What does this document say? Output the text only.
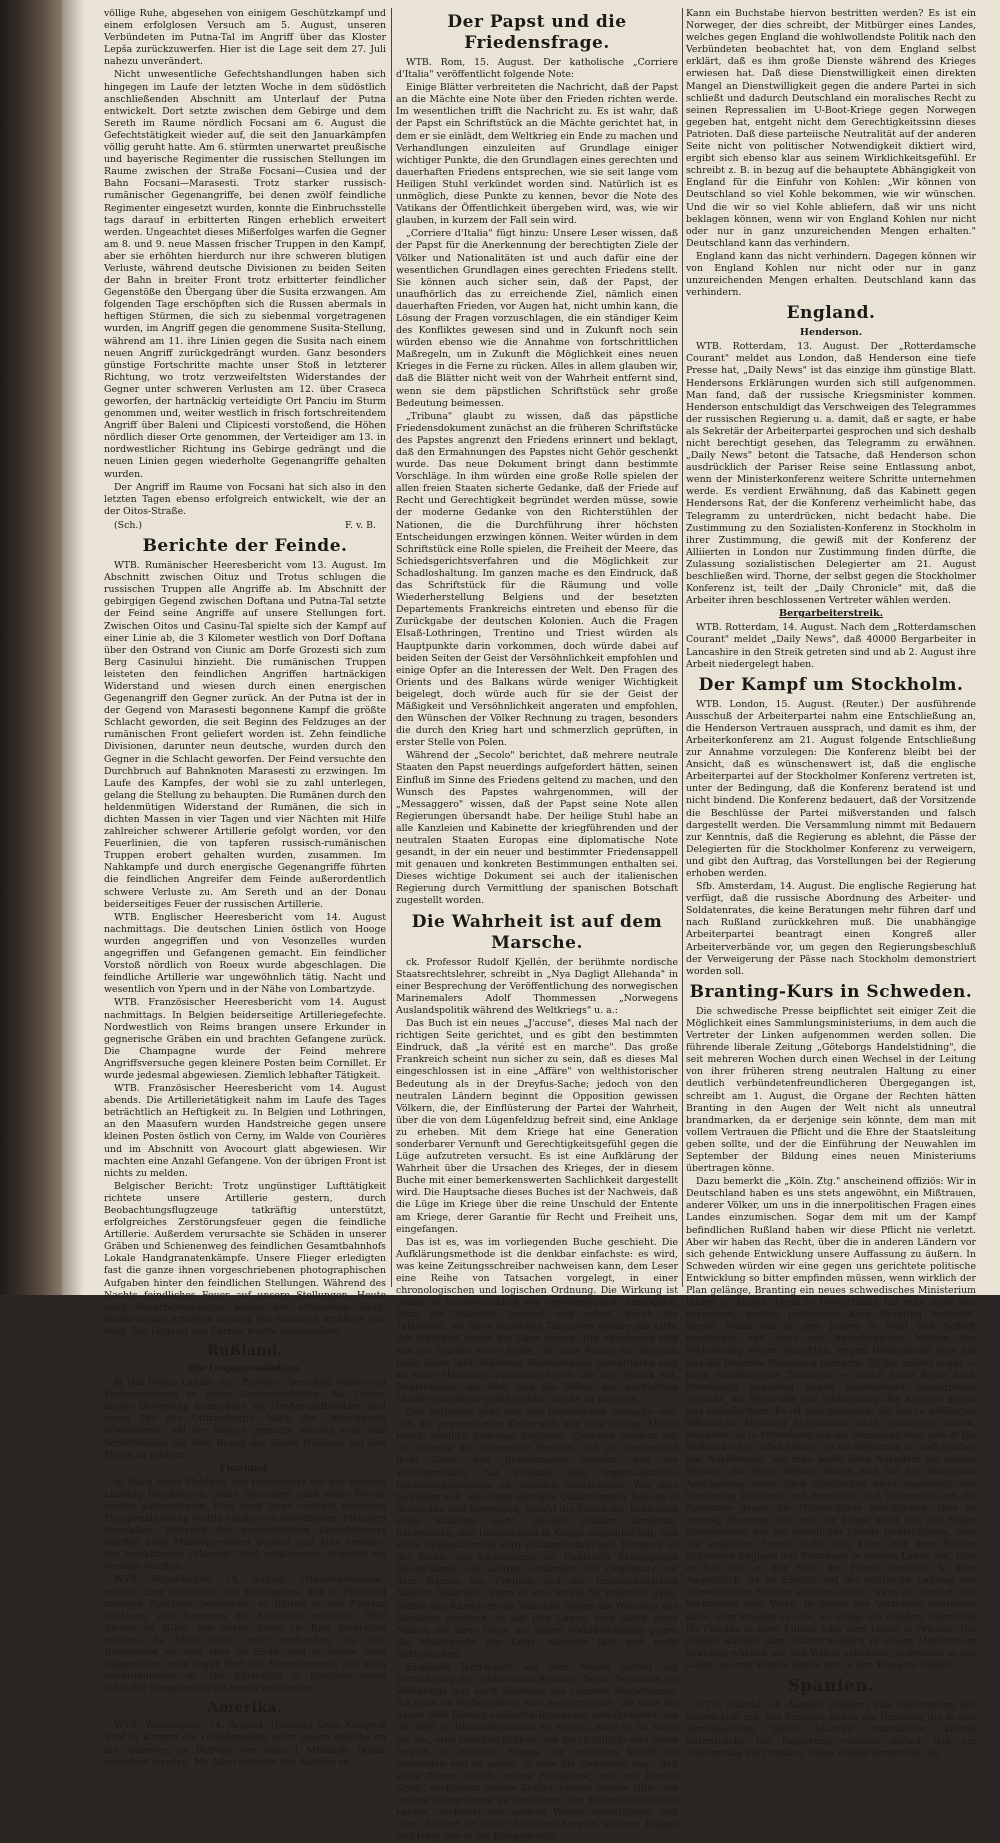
völlige Ruhe, abgesehen von einigem Geschützkampf und einem erfolglosen Versuch am 5. August, unseren Verbündeten im Putna-Tal im Angriff über das Kloster Lepša zurückzuwerfen. Hier ist die Lage seit dem 27. Juli nahezu unverändert.

Nicht unwesentliche Gefechtshandlungen haben sich hingegen im Laufe der letzten Woche in dem südöstlich anschließenden Abschnitt am Unterlauf der Putna entwickelt. Dort setzte zwischen dem Gebirge und dem Sereth im Raume nördlich Focsani am 6. August die Gefechtstätigkeit wieder auf, die seit den Januarkämpfen völlig geruht hatte. Am 6. stürmten unerwartet preußische und bayerische Regimenter die russischen Stellungen im Raume zwischen der Straße Focsani—Cusiea und der Bahn Focsani—Marasesti. Trotz starker russisch-rumänischer Gegenangriffe, bei denen zwölf feindliche Regimenter eingesetzt wurden, konnte die Einbruchsstelle tags darauf in erbitterten Ringen erheblich erweitert werden. Ungeachtet dieses Mißerfolges warfen die Gegner am 8. und 9. neue Massen frischer Truppen in den Kampf, aber sie erhöhten hierdurch nur ihre schweren blutigen Verluste, während deutsche Divisionen zu beiden Seiten der Bahn in breiter Front trotz erbitterter feindlicher Gegenstöße den Übergang über die Susita erzwangen. Am folgenden Tage erschöpften sich die Russen abermals in heftigen Stürmen, die sich zu siebenmal vorgetragenen wurden, im Angriff gegen die genommene Susita-Stellung, während am 11. ihre Linien gegen die Susita nach einem neuen Angriff zurückgedrängt wurden. Ganz besonders günstige Fortschritte machte unser Stoß in letzterer Richtung, wo trotz verzweifeltsten Widerstandes der Gegner unter schweren Verlusten am 12. über Craseca geworfen, der hartnäckig verteidigte Ort Panciu im Sturm genommen und, weiter westlich in frisch fortschreitendem Angriff über Baleni und Clipicesti vorstoßend, die Höhen nördlich dieser Orte genommen, der Verteidiger am 13. in nordwestlicher Richtung ins Gebirge gedrängt und die neuen Linien gegen wiederholte Gegenangriffe gehalten wurden.

Der Angriff im Raume von Focsani hat sich also in den letzten Tagen ebenso erfolgreich entwickelt, wie der an der Oitos-Straße.

(Sch.)	F. v. B.
Berichte der Feinde.

WTB. Rumänischer Heeresbericht vom 13. August. Im Abschnitt zwischen Oituz und Trotus schlugen die russischen Truppen alle Angriffe ab. Im Abschnitt der gebirgigen Gegend zwischen Doftana und Putna-Tal setzte der Feind seine Angriffe auf unsere Stellungen fort. Zwischen Oitos und Casinu-Tal spielte sich der Kampf auf einer Linie ab, die 3 Kilometer westlich von Dorf Doftana über den Ostrand von Ciunic am Dorfe Grozesti sich zum Berg Casinului hinzieht. Die rumänischen Truppen leisteten den feindlichen Angriffen hartnäckigen Widerstand und wiesen durch einen energischen Gegenangriff den Gegner zurück. An der Putna ist der in der Gegend von Marasesti begonnene Kampf die größte Schlacht geworden, die seit Beginn des Feldzuges an der rumänischen Front geliefert worden ist. Zehn feindliche Divisionen, darunter neun deutsche, wurden durch den Gegner in die Schlacht geworfen. Der Feind versuchte den Durchbruch auf Bahnknoten Marasesti zu erzwingen. Im Laufe des Kampfes, der wohl sie zu zahl unterlegen, gelang die Stellung zu behaupten. Die Rumänen durch den heldenmütigen Widerstand der Rumänen, die sich in dichten Massen in vier Tagen und vier Nächten mit Hilfe zahlreicher schwerer Artillerie gefolgt worden, vor den Feuerlinien, die von tapferen russisch-rumänischen Truppen erobert gehalten wurden, zusammen. Im Nahkampfe und durch energische Gegenangriffe führten die feindlichen Angreifer dem Feinde außerordentlich schwere Verluste zu. Am Sereth und an der Donau beiderseitiges Feuer der russischen Artillerie.

WTB. Englischer Heeresbericht vom 14. August nachmittags. Die deutschen Linien östlich von Hooge wurden angegriffen und von Vesonzelles wurden angegriffen und Gefangenen gemacht. Ein feindlicher Vorstoß nördlich von Roeux wurde abgeschlagen. Die feindliche Artillerie war ungewöhnlich tätig. Nacht und wesentlich von Ypern und in der Nähe von Lombartzyde.

WTB. Französischer Heeresbericht vom 14. August nachmittags. In Belgien beiderseitige Artilleriegefechte. Nordwestlich von Reims brangen unsere Erkunder in gegnerische Gräben ein und brachten Gefangene zurück. Die Champagne wurde der Feind mehrere Angriffsversuche gegen kleinere Posten beim Cornillet. Er wurde jedesmal abgewiesen. Ziemlich lebhafter Tätigkeit.

WTB. Französischer Heeresbericht vom 14. August abends. Die Artillerietätigkeit nahm im Laufe des Tages beträchtlich an Heftigkeit zu. In Belgien und Lothringen, an den Maasufern wurden Handstreiche gegen unsere kleinen Posten östlich von Cerny, im Walde von Courières und im Abschnitt von Avocourt glatt abgewiesen. Wir machten eine Anzahl Gefangene. Von der übrigen Front ist nichts zu melden.

Belgischer Bericht: Trotz ungünstiger Lufttätigkeit richtete unsere Artillerie gestern, durch Beobachtungsflugzeuge tatkräftig unterstützt, erfolgreiches Zerstörungsfeuer gegen die feindliche Artillerie. Außerdem verursachte sie Schäden in unserer Gräben und Schienenweg des feindlichen Gesamtbahnhofs Lokale Handgranatenkämpfe. Unsere Flieger erledigten fast die ganze ihnen vorgeschriebenen photographischen Aufgaben hinter den feindlichen Stellungen. Während des Nachts feindliches Feuer auf unsere Stellungen. Heute nach Feuerbewegungen wegen der schlechten Sicht. Beiderseitige Artillerie niedrig. Die deutsche Artillerie war tätig. Die Gegend von Furnes wurde bombardiert.

Rußland.
Die Gegenrevolution.

§§ Das Organ Lenins, die „Prawda", berichtet weiter von Vorbereitungen zu einer Gegenrevolution. Als Träger dieser Bewegung bezeichnet sie Großgrundbesitzer und einen Teil des Offizierkorps. Nach der „Birschewija Wjedomosti" soll der Verlust gemacht worden sein, daß Schriftstücke mit dem Bezug des Zaren Nikolaus auf den Thron zu fordern.

Finnland.

w. Nach einer Meldung aus Helsingfors hat der finische Landtag beschlossen, seine Sitzungen nach einer Woche wieder aufzunehmen. Eine nach Torsa verlegte russische Truppenabteilung wurde nachts von bewaffneten Männern überfallen. Während des zweistündigen Gewehrfeuers wurden zwei Militärpersonen getötet und eine verletzt. Die bewaffneten „Männer" sind entkommen, obgleich sie verfolgt wurden.

WTB. Kopenhagen, 14. August. „Nationaltidende" meldet über Stockholm aus Helsingfors, daß in Finnland traurige Zustände herrschen; so hätten in der Provinz Uleåborg 200 Personen die Erlaubnis erhalten, 7000 Bäume zu fällen, aus deren Rinde sie Brot herstellen wollten, da Mehl nicht mehr vorhanden sei. Das Rindenbrot sei nun aber zu Ende, und in einem Teile Lappmarken man sogar Brot aus Renntiermoos, das noch unverdaulicher ist. Die Kartoffeln in Finnland seien schlecht; Brotgetreide sei wenig vorhanden.

Amerika.

WTB. Washington, 14. August. (Reuter.) Dem Kongreß wird in kurzem die Genehmigung einer neuen Anleihe an die Alliierten im Betrage von über 1 Milliarde Dollar vorgelegt werden. Mc Adoo stimmte der Anleihe zu.

Der Papst und die Friedensfrage.

WTB. Rom, 15. August. Der katholische „Corriere d'Italia" veröffentlicht folgende Note:

Einige Blätter verbreiteten die Nachricht, daß der Papst an die Mächte eine Note über den Frieden richten werde. Im wesentlichen trifft die Nachricht zu. Es ist wahr, daß der Papst ein Schriftstück an die Mächte gerichtet hat, in dem er sie einlädt, dem Weltkrieg ein Ende zu machen und Verhandlungen einzuleiten auf Grundlage einiger wichtiger Punkte, die den Grundlagen eines gerechten und dauerhaften Friedens entsprechen, wie sie seit lange vom Heiligen Stuhl verkündet worden sind. Natürlich ist es unmöglich, diese Punkte zu kennen, bevor die Note des Vatikans der Öffentlichkeit übergeben wird, was, wie wir glauben, in kurzem der Fall sein wird.

„Corriere d'Italia" fügt hinzu: Unsere Leser wissen, daß der Papst für die Anerkennung der berechtigten Ziele der Völker und Nationalitäten ist und auch dafür eine der wesentlichen Grundlagen eines gerechten Friedens stellt. Sie können auch sicher sein, daß der Papst, der unaufhörlich das zu erreichende Ziel, nämlich einen dauerhaften Frieden, vor Augen hat, nicht umhin kann, die Lösung der Fragen vorzuschlagen, die ein ständiger Keim des Konfliktes gewesen sind und in Zukunft noch sein würden ebenso wie die Annahme von fortschrittlichen Maßregeln, um in Zukunft die Möglichkeit eines neuen Krieges in die Ferne zu rücken. Alles in allem glauben wir, daß die Blätter nicht weit von der Wahrheit entfernt sind, wenn sie dem päpstlichen Schriftstück sehr große Bedeutung beimessen.

„Tribuna" glaubt zu wissen, daß das päpstliche Friedensdokument zunächst an die früheren Schriftstücke des Papstes angrenzt den Friedens erinnert und beklagt, daß den Ermahnungen des Papstes nicht Gehör geschenkt wurde. Das neue Dokument bringt dann bestimmte Vorschläge. In ihm würden eine große Rolle spielen der allen freien Staaten sicherte Gedanke, daß der Friede auf Recht und Gerechtigkeit begründet werden müsse, sowie der moderne Gedanke von den Richterstühlen der Nationen, die die Durchführung ihrer höchsten Entscheidungen erzwingen können. Weiter würden in dem Schriftstück eine Rolle spielen, die Freiheit der Meere, das Schiedsgerichtsverfahren und die Möglichkeit zur Schadloshaltung. Im ganzen mache es den Eindruck, daß das Schriftstück für die Räumung und volle Wiederherstellung Belgiens und der besetzten Departements Frankreichs eintreten und ebenso für die Zurückgabe der deutschen Kolonien. Auch die Fragen Elsaß-Lothringen, Trentino und Triest würden als Hauptpunkte darin vorkommen, doch würde dabei auf beiden Seiten der Geist der Versöhnlichkeit empfohlen und einige Opfer an die Interessen der Welt. Den Fragen des Orients und des Balkans würde weniger Wichtigkeit beigelegt, doch würde auch für sie der Geist der Mäßigkeit und Versöhnlichkeit angeraten und empfohlen, den Wünschen der Völker Rechnung zu tragen, besonders die durch den Krieg hart und schmerzlich geprüften, in erster Stelle von Polen.

Während der „Secolo" berichtet, daß mehrere neutrale Staaten den Papst neuerdings aufgefordert hätten, seinen Einfluß im Sinne des Friedens geltend zu machen, und den Wunsch des Papstes wahrgenommen, will der „Messaggero" wissen, daß der Papst seine Note allen Regierungen übersandt habe. Der heilige Stuhl habe an alle Kanzleien und Kabinette der kriegführenden und der neutralen Staaten Europas eine diplomatische Note gesandt, in der ein neuer und bestimmter Friedensappell mit genauen und konkreten Bestimmungen enthalten sei. Dieses wichtige Dokument sei auch der italienischen Regierung durch Vermittlung der spanischen Botschaft zugestellt worden.

Die Wahrheit ist auf dem Marsche.

ck. Professor Rudolf Kjellén, der berühmte nordische Staatsrechtslehrer, schreibt in „Nya Dagligt Allehanda" in einer Besprechung der Veröffentlichung des norwegischen Marinemalers Adolf Thommessen „Norwegens Auslandspolitik während des Weltkriegs" u. a.:

Das Buch ist ein neues „J'accuse", dieses Mal nach der richtigen Seite gerichtet, und es gibt den bestimmten Eindruck, daß „la vérité est en marche". Das große Frankreich scheint nun sicher zu sein, daß es dieses Mal eingeschlossen ist in eine „Affäre" von welthistorischer Bedeutung als in der Dreyfus-Sache; jedoch von den neutralen Ländern beginnt die Opposition gewissen Völkern, die, der Einflüsterung der Partei der Wahrheit, über die von dem Lügenfeldzug befreit sind, eine Anklage zu erheben. Mit dem Kriege hat eine Generation sonderbarer Vernunft und Gerechtigkeitsgefühl gegen die Lüge aufzutreten versucht. Es ist eine Aufklärung der Wahrheit über die Ursachen des Krieges, der in diesem Buche mit einer bemerkenswerten Sachlichkeit dargestellt wird. Die Hauptsache dieses Buches ist der Nachweis, daß die Lüge im Kriege über die reine Unschuld der Entente am Kriege, derer Garantie für Recht und Freiheit uns, eingefangen.

Das ist es, was im vorliegenden Buche geschieht. Die Aufklärungsmethode ist die denkbar einfachste: es wird, was keine Zeitungsschreiber nachweisen kann, dem Leser eine Reihe von Tatsachen vorgelegt, in einer chronologischen und logischen Ordnung. Die Wirkung ist genau so unausweichlich wie unwiderleglich: unmöglich, denn die Wahrheit beweist sich selbst, durch die Tatsachen, wo diese einfachen Tatsachen wieder das Licht der Wahrheit gegen die Lüge zeigen. Die offenbaren sich von als Glieder einer Kette, die eine Fessel ist, die sich nicht lösen läßt. Während Deutschlands Gewalttaten sich zu einer Handlung zusammenfügen, die den Zweck hat, Deutschland, die Welt und die Völker der nordischen Länder aus dieser gefährlichen Gefahr zu befreien.

Der Verfasser geht von der historischen Tatsache aus, daß die gegenwärtige Kulturwelt nur eine einzige Macht kennt, nämlich diejenige Englands. Daneben insofern hat die Entente die historische Position, daß ihr Gesamtbild ihrer Groß- und Ruhmstaaten besteht, daß die Weltherrschaft, hat England eine imperialistische Eroberungsgelüsten ist, nämlich Deutschland. Wer dies beweisen will, soll einen einzigen Quadratmeter Bodens in Schweden und Norwegen, beruht die Politik der Isolierung eines Staatens nicht, dessen Staaten dargetan, nachweisen, den Deutschland in Kriege angeführt hat, und seine Beweisführung wird zusammenbrechen. Dennoch ist die Politik der Einkreisung für England's Kriegsgegen Deutschland, ein wahres Gefährdet, ein Gegensatz mit dem Namen der Freiheit und der imperialistischen Absicht. Wahrheit, wenn es eine Strafe für Wahrheit gäbe, müßte den Kämpfern die Wahrheit Gegen als Wahrheit des Glaubens gegeben, es auf ihre Lügen, zum Glück einer Nation, die ihrer Natur mit einem Wahrheitsdrang gegen die Mißbräuche der Lüge, dasselbe läßt sich nicht mißbrauchen.

Englands Herrschaft auf dem Meere beruht auf Vernichtung des einfachsten Rechtes. Seine Seemacht im Weltkriege war auch diejenige des reinsten Despotismus. Ich gebe im Vorbeigehen: eine Seeherrschaft, die über die ganze Welt hinweg englische Interessen gewährleistet, um die Welt in Blockadezustand zu setzen. Aber es ist mehr als das, eine Geschicklichkeit, um durch Willkür und einen Angriff die neutrale Flagge der neutralen Schiffe zu erzwingen und zu gehen, in dem die Gedanken hegt, daß seine Waren, behält unsere Passagiere, und, wie Konsul Gredt, verhindert unsere Zufuhr, fordert unsere Hilfe, um unsere Telegramme zu zensieren, um Rohmaterialien zu kaufen, verbietet uns andere Waren auszuführen, und dann hindert er selbst Schutzmaßregeln unserer Flagge und trägt uns in die Kriegsgefahr.

Kann ein Buchstabe hiervon bestritten werden? Es ist ein Norweger, der dies schreibt, der Mitbürger eines Landes, welches gegen England die wohlwollendste Politik nach den Verbündeten beobachtet hat, von dem England selbst erklärt, daß es ihm große Dienste während des Krieges erwiesen hat. Daß diese Dienstwilligkeit einen direkten Mangel an Dienstwilligkeit gegen die andere Partei in sich schließt und dadurch Deutschland ein moralisches Recht zu seinen Repressalien im U-Boot-Kriege gegen Norwegen gegeben hat, entgeht nicht dem Gerechtigkeitssinn dieses Patrioten. Daß diese parteiische Neutralität auf der anderen Seite nicht von politischer Notwendigkeit diktiert wird, ergibt sich ebenso klar aus seinem Wirklichkeitsgefühl. Er schreibt z. B. in bezug auf die behauptete Abhängigkeit von England für die Einfuhr von Kohlen: „Wir können von Deutschland so viel Kohle bekommen, wie wir wünschen. Und die wir so viel Kohle abliefern, daß wir uns nicht beklagen können, wenn wir von England Kohlen nur nicht oder nur in ganz unzureichenden Mengen erhalten." Deutschland kann das verhindern.

England kann das nicht verhindern. Dagegen können wir von England Kohlen nur nicht oder nur in ganz unzureichenden Mengen erhalten. Deutschland kann das verhindern.

England.
Henderson.

WTB. Rotterdam, 13. August. Der „Rotterdamsche Courant" meldet aus London, daß Henderson eine tiefe Presse hat, „Daily News" ist das einzige ihm günstige Blatt. Hendersons Erklärungen wurden sich still aufgenommen. Man fand, daß der russische Kriegsminister kommen. Henderson entschuldigt das Verschweigen des Telegrammes der russischen Regierung u. a. damit, daß er sagte, er habe als Sekretär der Arbeiterpartei gesprochen und sich deshalb nicht berechtigt gesehen, das Telegramm zu erwähnen. „Daily News" betont die Tatsache, daß Henderson schon ausdrücklich der Pariser Reise seine Entlassung anbot, wenn der Ministerkonferenz weitere Schritte unternehmen werde. Es verdient Erwähnung, daß das Kabinett gegen Hendersons Rat, der die Konferenz verheimlicht habe, das Telegramm zu unterdrücken, nicht bedacht habe. Die Zustimmung zu den Sozialisten-Konferenz in Stockholm in ihrer Zustimmung, die gewiß mit der Konferenz der Alliierten in London nur Zustimmung finden dürfte, die Zulassung sozialistischen Delegierter am 21. August beschließen wird. Thorne, der selbst gegen die Stockholmer Konferenz ist, teilt der „Daily Chronicle" mit, daß die Arbeiter ihren beschlossenen Vertreter wählen werden.

Bergarbeiterstreik.

WTB. Rotterdam, 14. August. Nach dem „Rotterdamschen Courant" meldet „Daily News", daß 40000 Bergarbeiter in Lancashire in den Streik getreten sind und ab 2. August ihre Arbeit niedergelegt haben.

Der Kampf um Stockholm.

WTB. London, 15. August. (Reuter.) Der ausführende Ausschuß der Arbeiterpartei nahm eine Entschließung an, die Henderson Vertrauen aussprach, und damit es ihm, der Arbeiterkonferenz am 21. August folgende Entschließung zur Annahme vorzulegen: Die Konferenz bleibt bei der Ansicht, daß es wünschenswert ist, daß die englische Arbeiterpartei auf der Stockholmer Konferenz vertreten ist, unter der Bedingung, daß die Konferenz beratend ist und nicht bindend. Die Konferenz bedauert, daß der Vorsitzende die Beschlüsse der Partei mißverstanden und falsch dargestellt werden. Die Versammlung nimmt mit Bedauern zur Kenntnis, daß die Regierung es ablehnt, die Pässe der Delegierten für die Stockholmer Konferenz zu verweigern, und gibt den Auftrag, das Vorstellungen bei der Regierung erhoben werden.

Sfb. Amsterdam, 14. August. Die englische Regierung hat verfügt, daß die russische Abordnung des Arbeiter- und Soldatenrates, die keine Beratungen mehr führen darf und nach Rußland zurückkehren muß. Die unabhängige Arbeiterpartei beantragt einen Kongreß aller Arbeiterverbände vor, um gegen den Regierungsbeschluß der Verweigerung der Pässe nach Stockholm demonstriert worden soll.

Branting-Kurs in Schweden.

Die schwedische Presse beipflichtet seit einiger Zeit die Möglichkeit eines Sammlungsministeriums, in dem auch die Vertreter der Linken aufgenommen werden sollen. Die führende liberale Zeitung „Göteborgs Handelstidning", die seit mehreren Wochen durch einen Wechsel in der Leitung von ihrer früheren streng neutralen Haltung zu einer deutlich verbündetenfreundlicheren Übergegangen ist, schreibt am 1. August, die Organe der Rechten hätten Branting in den Augen der Welt nicht als unneutral brandmarken, da er derjenige sein könnte, dem man mit vollem Vertrauen die Pflicht und die Ehre der Staatsleitung geben sollte, und der die Einführung der Neuwahlen im September der Bildung eines neuen Ministeriums übertragen könne.

Dazu bemerkt die „Köln. Ztg." anscheinend offiziös: Wir in Deutschland haben es uns stets angewöhnt, ein Mißtrauen, anderer Völker, um uns in die innerpolitischen Fragen eines Landes einzumischen. Sogar dem mit um der Kampf befindlichen Rußland haben wir diese Pflicht nie verletzt. Aber wir haben das Recht, über die in anderen Ländern vor sich gehende Entwicklung unsere Auffassung zu äußern. In Schweden würden wir eine gegen uns gerichtete politische Entwicklung so bitter empfinden müssen, wenn wirklich der Plan gelänge, Branting ein neues schwedisches Ministerium bilden zu lassen. Denn in Deutschland hat man nicht nur vergessen, welche politischen Kurs Branting bedeutet. Dieser Mann hat in drei Jahren in Wort und Schrift unentwegt und ohne vor irgendwelchen Mitteln der Verbreitung seiner Ansichten, gegen Deutschland eine bei uns die bitterste Stimmung gemacht. Er hat zuletzt sogar — nach französischen Zeitungen — durch seine Reise nach Petersburg handelnd gegen Deutschland einzugreifen gesucht, als Neutraler zur Fortsetzung des Krieges gegen uns aufzufordern. Es ist ihm gelungen, die bei zu befähigen öffentliche Meinung Schwedens nicht getäuscht, indem, Nachdem er in Petersburg um die Stimmung war, daß er für Rußland wäre, offen erklärt, es sei Reformen so, daß er aber nur Nachfragen, wie man wolle liebe Nachdem hin seinen Feinden die Türen öffnen, denen man bei der deutschen Anschauung unter allen Umständen nicht abgeneigt, der Forderung Englands und Amerikas, daß Schweden sich für Reformen gegen die Mittelmächte anschließen. Hier so vermag Branting sich mit der Frage nicht aus der Frage abzuwenden, der ein feindlicher Feinde Deutschlands, dem die englische Presse nicht sein kann, mit dem Bruder Schweden England das Vertrauen in seinem Lande hat. Und er hat sich an der Seite der Feinde deutlich. In dem Augenblick, da er Einfluß auf die politische Leitung des schwedischen Staates erhalten sollte, wäre ein Gesuch des Vertrauens dem Volke, in denen der Vertrauen verdienen kann, dem Frieden zu sein, so wenig wie Frieden, sofern die für Frieden in ihrer Führer oder dem Lande in Frieden. Die Folgen würden dann wahrscheinlich in einem Ministerium Branting würden wir den Willen erkennen, Schweden in das Lager unserer Feinde gegen uns in den Krieg zu ziehen.

Spanien.

WTB. Madrid, 14. August. (Reuter.) Das Ministerium des Innern teilt mit: Die Truppen haben die Unruhen, die in den verschiedenen Teilen Madrids stattfanden, kräftig unterdrückt. Die Regierung vertraut darauf, daß am Nachmittag die Ordnung völlig wieder hergestellt ist.
